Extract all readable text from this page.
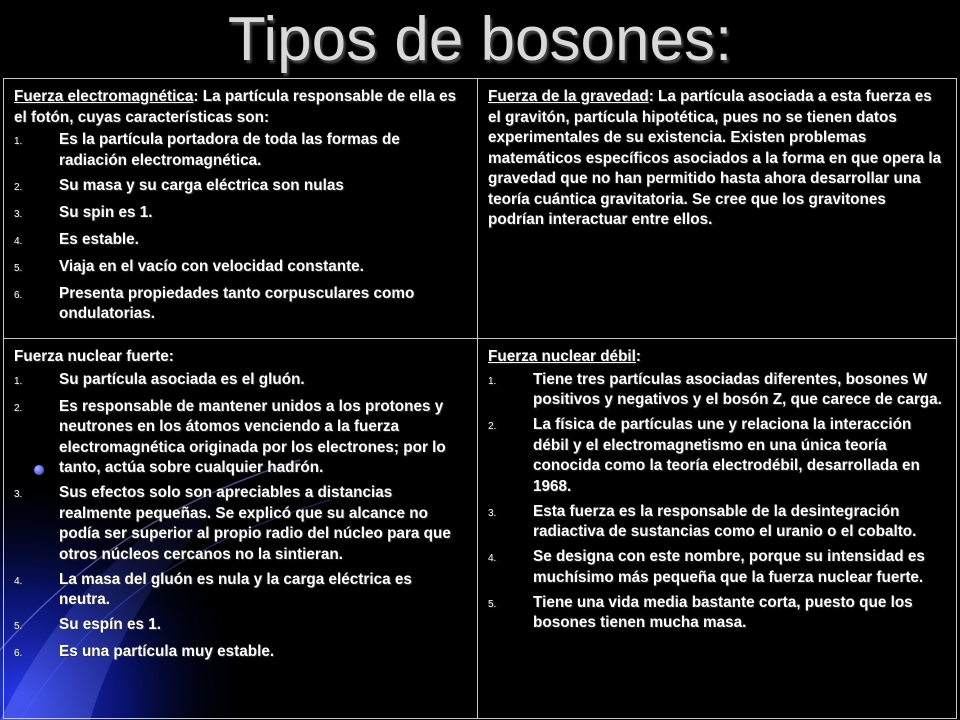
Tipos de bosones:
Fuerza electromagnética: La partícula responsable de ella es el fotón, cuyas características son:
1.	Es la partícula portadora de toda las formas de radiación electromagnética.
2.	Su masa y su carga eléctrica son nulas
3.	Su spin es 1.
4.	Es estable.
5.	Viaja en el vacío con velocidad constante.
6.	Presenta propiedades tanto corpusculares como ondulatorias.

Fuerza de la gravedad: La partícula asociada a esta fuerza es el gravitón, partícula hipotética, pues no se tienen datos experimentales de su existencia. Existen problemas matemáticos específicos asociados a la forma en que opera la gravedad que no han permitido hasta ahora desarrollar una teoría cuántica gravitatoria. Se cree que los gravitones podrían interactuar entre ellos.

Fuerza nuclear fuerte:
1.	Su partícula asociada es el gluón.
2.	Es responsable de mantener unidos a los protones y neutrones en los átomos venciendo a la fuerza electromagnética originada por los electrones; por lo tanto, actúa sobre cualquier hadrón.
3.	Sus efectos solo son apreciables a distancias realmente pequeñas. Se explicó que su alcance no podía ser superior al propio radio del núcleo para que otros núcleos cercanos no la sintieran.
4.	La masa del gluón es nula y la carga eléctrica es neutra.
5.	Su espín es 1.
6.	Es una partícula muy estable.
Fuerza nuclear débil:
1.	Tiene tres partículas asociadas diferentes, bosones W positivos y negativos y el bosón Z, que carece de carga.
2.	La física de partículas une y relaciona la interacción débil y el electromagnetismo en una única teoría conocida como la teoría electrodébil, desarrollada en 1968.
3.	Esta fuerza es la responsable de la desintegración radiactiva de sustancias como el uranio o el cobalto.
4.	Se designa con este nombre, porque su intensidad es muchísimo más pequeña que la fuerza nuclear fuerte.
5.	Tiene una vida media bastante corta, puesto que los bosones tienen mucha masa.
